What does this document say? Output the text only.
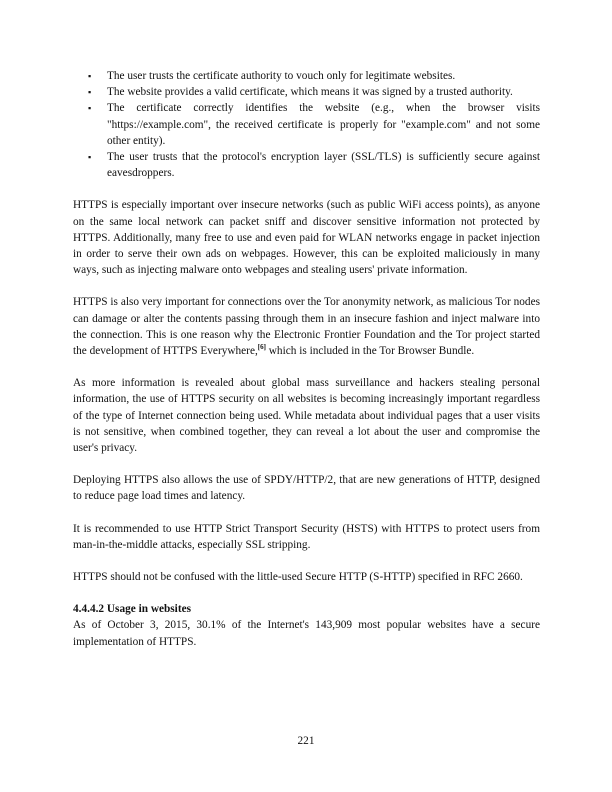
▪ The user trusts the certificate authority to vouch only for legitimate websites.
▪ The website provides a valid certificate, which means it was signed by a trusted authority.
▪ The certificate correctly identifies the website (e.g., when the browser visits "https://example.com", the received certificate is properly for "example.com" and not some other entity).
▪ The user trusts that the protocol's encryption layer (SSL/TLS) is sufficiently secure against eavesdroppers.

HTTPS is especially important over insecure networks (such as public WiFi access points), as anyone on the same local network can packet sniff and discover sensitive information not protected by HTTPS. Additionally, many free to use and even paid for WLAN networks engage in packet injection in order to serve their own ads on webpages. However, this can be exploited maliciously in many ways, such as injecting malware onto webpages and stealing users' private information.

HTTPS is also very important for connections over the Tor anonymity network, as malicious Tor nodes can damage or alter the contents passing through them in an insecure fashion and inject malware into the connection. This is one reason why the Electronic Frontier Foundation and the Tor project started the development of HTTPS Everywhere,[6] which is included in the Tor Browser Bundle.

As more information is revealed about global mass surveillance and hackers stealing personal information, the use of HTTPS security on all websites is becoming increasingly important regardless of the type of Internet connection being used. While metadata about individual pages that a user visits is not sensitive, when combined together, they can reveal a lot about the user and compromise the user's privacy.

Deploying HTTPS also allows the use of SPDY/HTTP/2, that are new generations of HTTP, designed to reduce page load times and latency.

It is recommended to use HTTP Strict Transport Security (HSTS) with HTTPS to protect users from man-in-the-middle attacks, especially SSL stripping.

HTTPS should not be confused with the little-used Secure HTTP (S-HTTP) specified in RFC 2660.

4.4.4.2 Usage in websites

As of October 3, 2015, 30.1% of the Internet's 143,909 most popular websites have a secure implementation of HTTPS.

221
